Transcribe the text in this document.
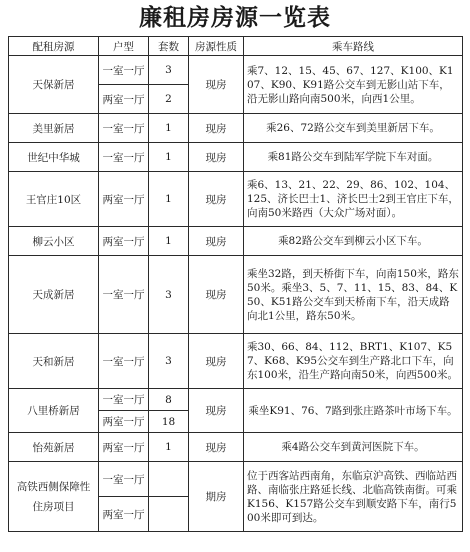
廉租房房源一览表
配租房源	户型	套数	房源性质	乘车路线
天保新居	一室一厅	3	现房	乘7、12、15、45、67、127、K100、K107、K90、K91路公交车到无影山站下车，沿无影山路向南500米，向西1公里。
	两室一厅	2		
美里新居	一室一厅	1	现房	乘26、72路公交车到美里新居下车。
世纪中华城	一室一厅	1	现房	乘81路公交车到陆军学院下车对面。
王官庄10区	两室一厅	1	现房	乘6、13、21、22、29、86、102、104、125、济长巴士1、济长巴士2到王官庄下车，向南50米路西（大众广场对面）。
柳云小区	两室一厅	1	现房	乘82路公交车到柳云小区下车。
天成新居	一室一厅	3	现房	乘坐32路，到天桥街下车，向南150米，路东50米。乘坐3、5、7、11、15、83、84、K50、K51路公交车到天桥南下车，沿天成路向北1公里，路东50米。
天和新居	一室一厅	3	现房	乘30、66、84、112、BRT1、K107、K57、K68、K95公交车到生产路北口下车，向东100米，沿生产路向南50米，向西500米。
八里桥新居	一室一厅	8	现房	乘坐K91、76、7路到张庄路茶叶市场下车。
	两室一厅	18		
怡苑新居	两室一厅	1	现房	乘4路公交车到黄河医院下车。
高铁西侧保障性住房项目	一室一厅		期房	位于西客站西南角，东临京沪高铁、西临站西路、南临张庄路延长线、北临高铁南街。可乘K156、K157路公交车到顺安路下车，南行500米即可到达。
	两室一厅			
